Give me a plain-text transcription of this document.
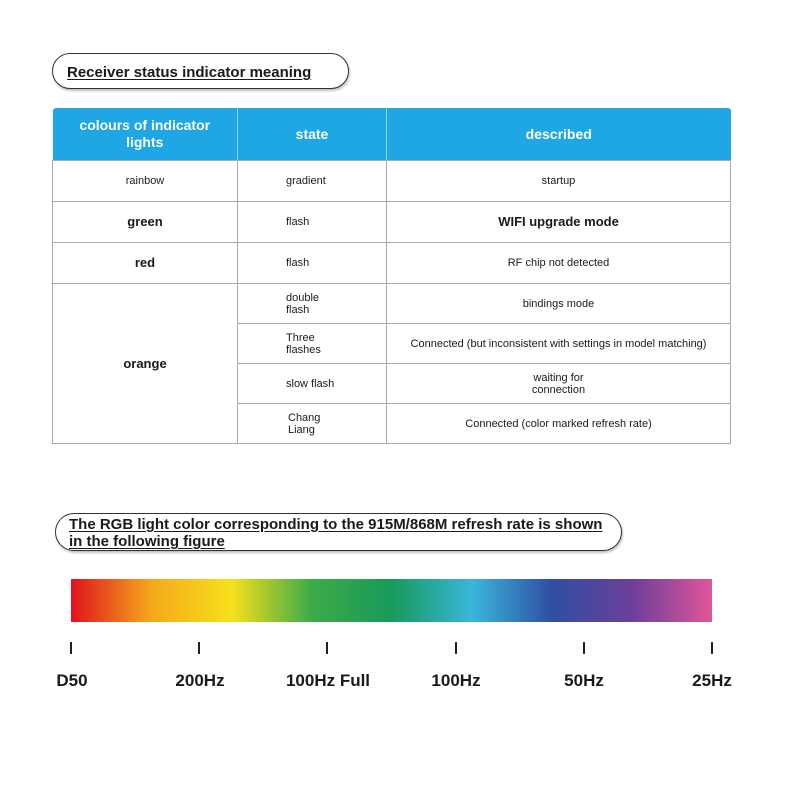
Receiver status indicator meaning
colours of indicator lights	state	described
rainbow	gradient	startup
green	flash	WIFI upgrade mode
red	flash	RF chip not detected
orange	double flash	bindings mode
	Three flashes	Connected (but inconsistent with settings in model matching)
	slow flash	waiting for connection
	Chang Liang	Connected (color marked refresh rate)
The RGB light color corresponding to the 915M/868M refresh rate is shown in the following figure
D50	200Hz	100Hz Full	100Hz	50Hz	25Hz
